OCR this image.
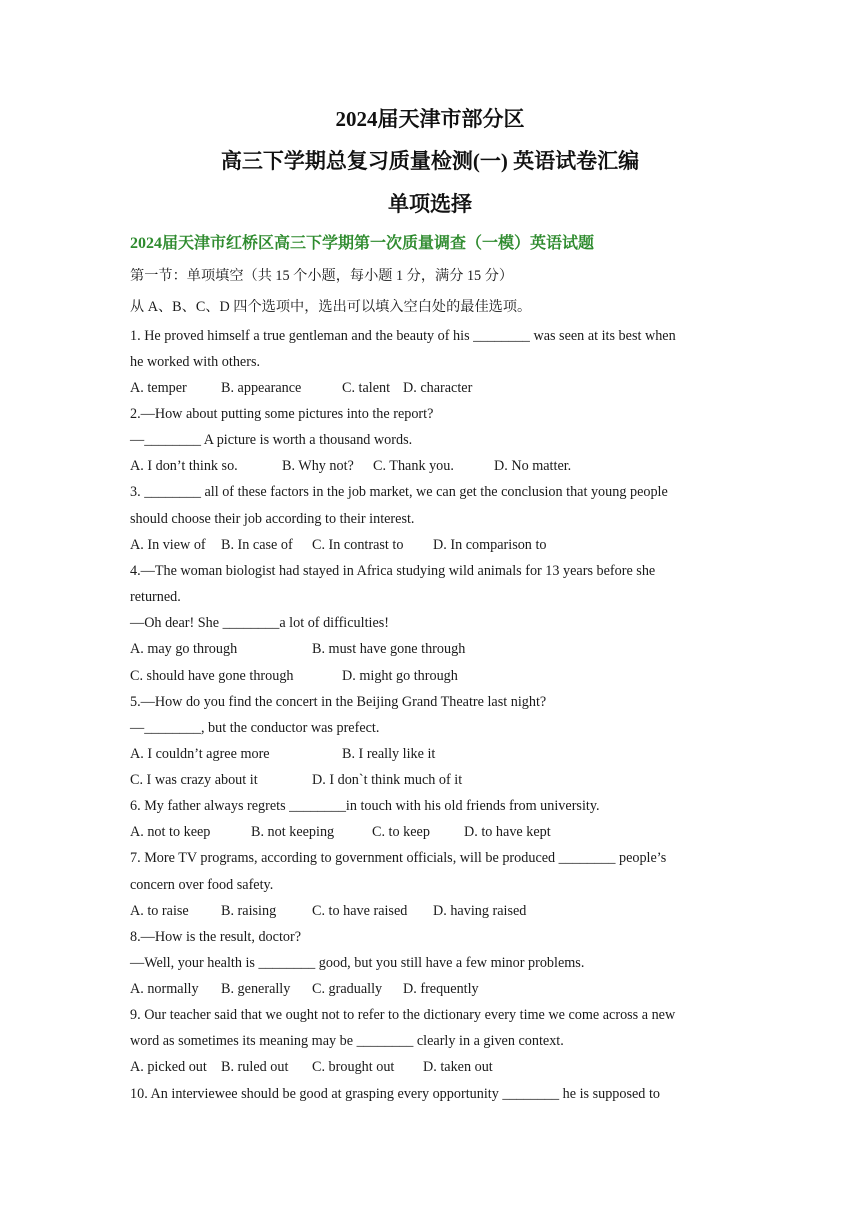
2024届天津市部分区
高三下学期总复习质量检测(一) 英语试卷汇编
单项选择
2024届天津市红桥区高三下学期第一次质量调查（一模）英语试题
第一节：单项填空（共 15 个小题，每小题 1 分，满分 15 分）
从 A、B、C、D 四个选项中，选出可以填入空白处的最佳选项。
1. He proved himself a true gentleman and the beauty of his ________ was seen at its best when
he worked with others.
A. temper B. appearance	C. talent D. character
2.—How about putting some pictures into the report?
—________ A picture is worth a thousand words.
A. I don’t think so.	B. Why not? C. Thank you.	D. No matter.
3. ________ all of these factors in the job market, we can get the conclusion that young people
should choose their job according to their interest.
A. In view of B. In case of C. In contrast to D. In comparison to
4.—The woman biologist had stayed in Africa studying wild animals for 13 years before she
returned.
—Oh dear! She ________a lot of difficulties!
A. may go through	B. must have gone through
C. should have gone through	D. might go through
5.—How do you find the concert in the Beijing Grand Theatre last night?
—________, but the conductor was prefect.
A. I couldn’t agree more	B. I really like it
C. I was crazy about it	D. I don`t think much of it
6. My father always regrets ________in touch with his old friends from university.
A. not to keep	B. not keeping	C. to keep D. to have kept
7. More TV programs, according to government officials, will be produced ________ people’s
concern over food safety.
A. to raise B. raising	C. to have raised D. having raised
8.—How is the result, doctor?
—Well, your health is ________ good, but you still have a few minor problems.
A. normally B. generally C. gradually D. frequently
9. Our teacher said that we ought not to refer to the dictionary every time we come across a new
word as sometimes its meaning may be ________ clearly in a given context.
A. picked out B. ruled out C. brought out D. taken out
10. An interviewee should be good at grasping every opportunity ________ he is supposed to
